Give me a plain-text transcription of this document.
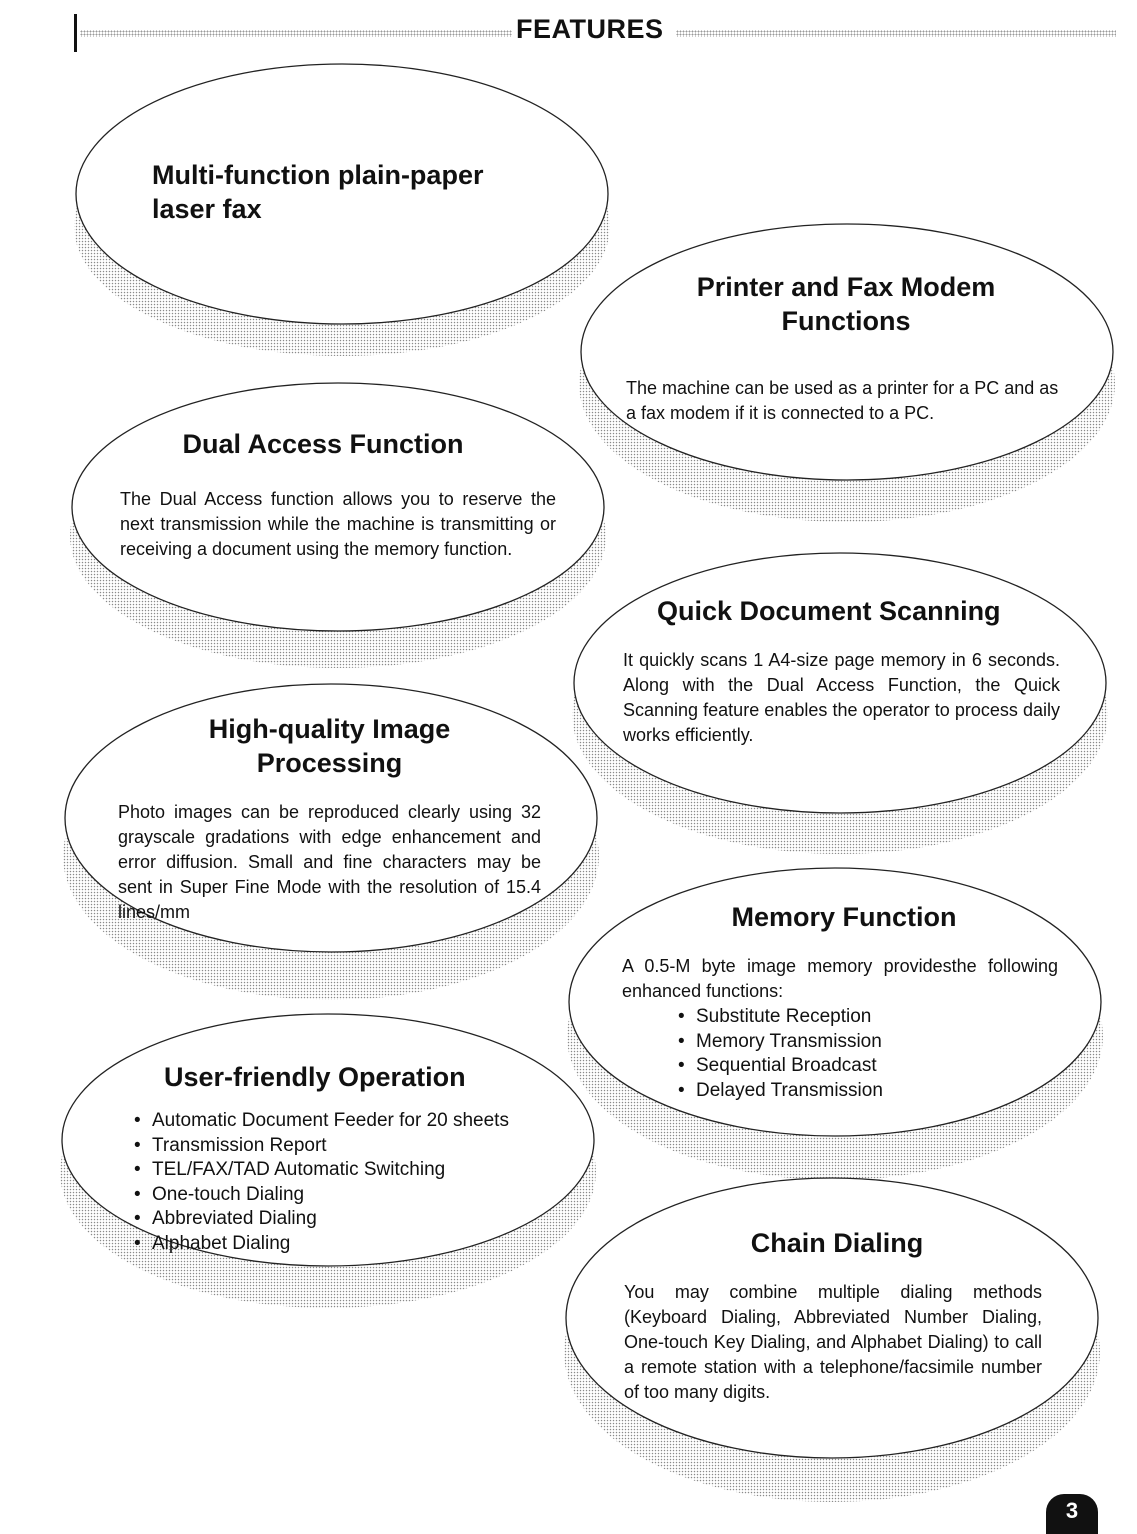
FEATURES

Multi-function plain-paper laser fax

Printer and Fax Modem Functions

The machine can be used as a printer for a PC and as a fax modem if it is connected to a PC.

Dual Access Function

The Dual Access function allows you to reserve the next transmission while the machine is transmitting or receiving a document using the memory function.

Quick Document Scanning

It quickly scans 1 A4-size page memory in 6 seconds. Along with the Dual Access Function, the Quick Scanning feature enables the operator to process daily works efficiently.

High-quality Image Processing

Photo images can be reproduced clearly using 32 grayscale gradations with edge enhancement and error diffusion. Small and fine characters may be sent in Super Fine Mode with the resolution of 15.4 lines/mm	Memory Function

A 0.5-M byte image memory providesthe following enhanced functions:

• Substitute Reception
• Memory Transmission
• Sequential Broadcast
• Delayed Transmission

User-friendly Operation

• Automatic Document Feeder for 20 sheets
• Transmission Report
• TEL/FAX/TAD Automatic Switching
• One-touch Dialing
• Abbreviated Dialing
• Alphabet Dialing	Chain Dialing

You may combine multiple dialing methods (Keyboard Dialing, Abbreviated Number Dialing, One-touch Key Dialing, and Alphabet Dialing) to call a remote station with a telephone/facsimile number of too many digits.

3
